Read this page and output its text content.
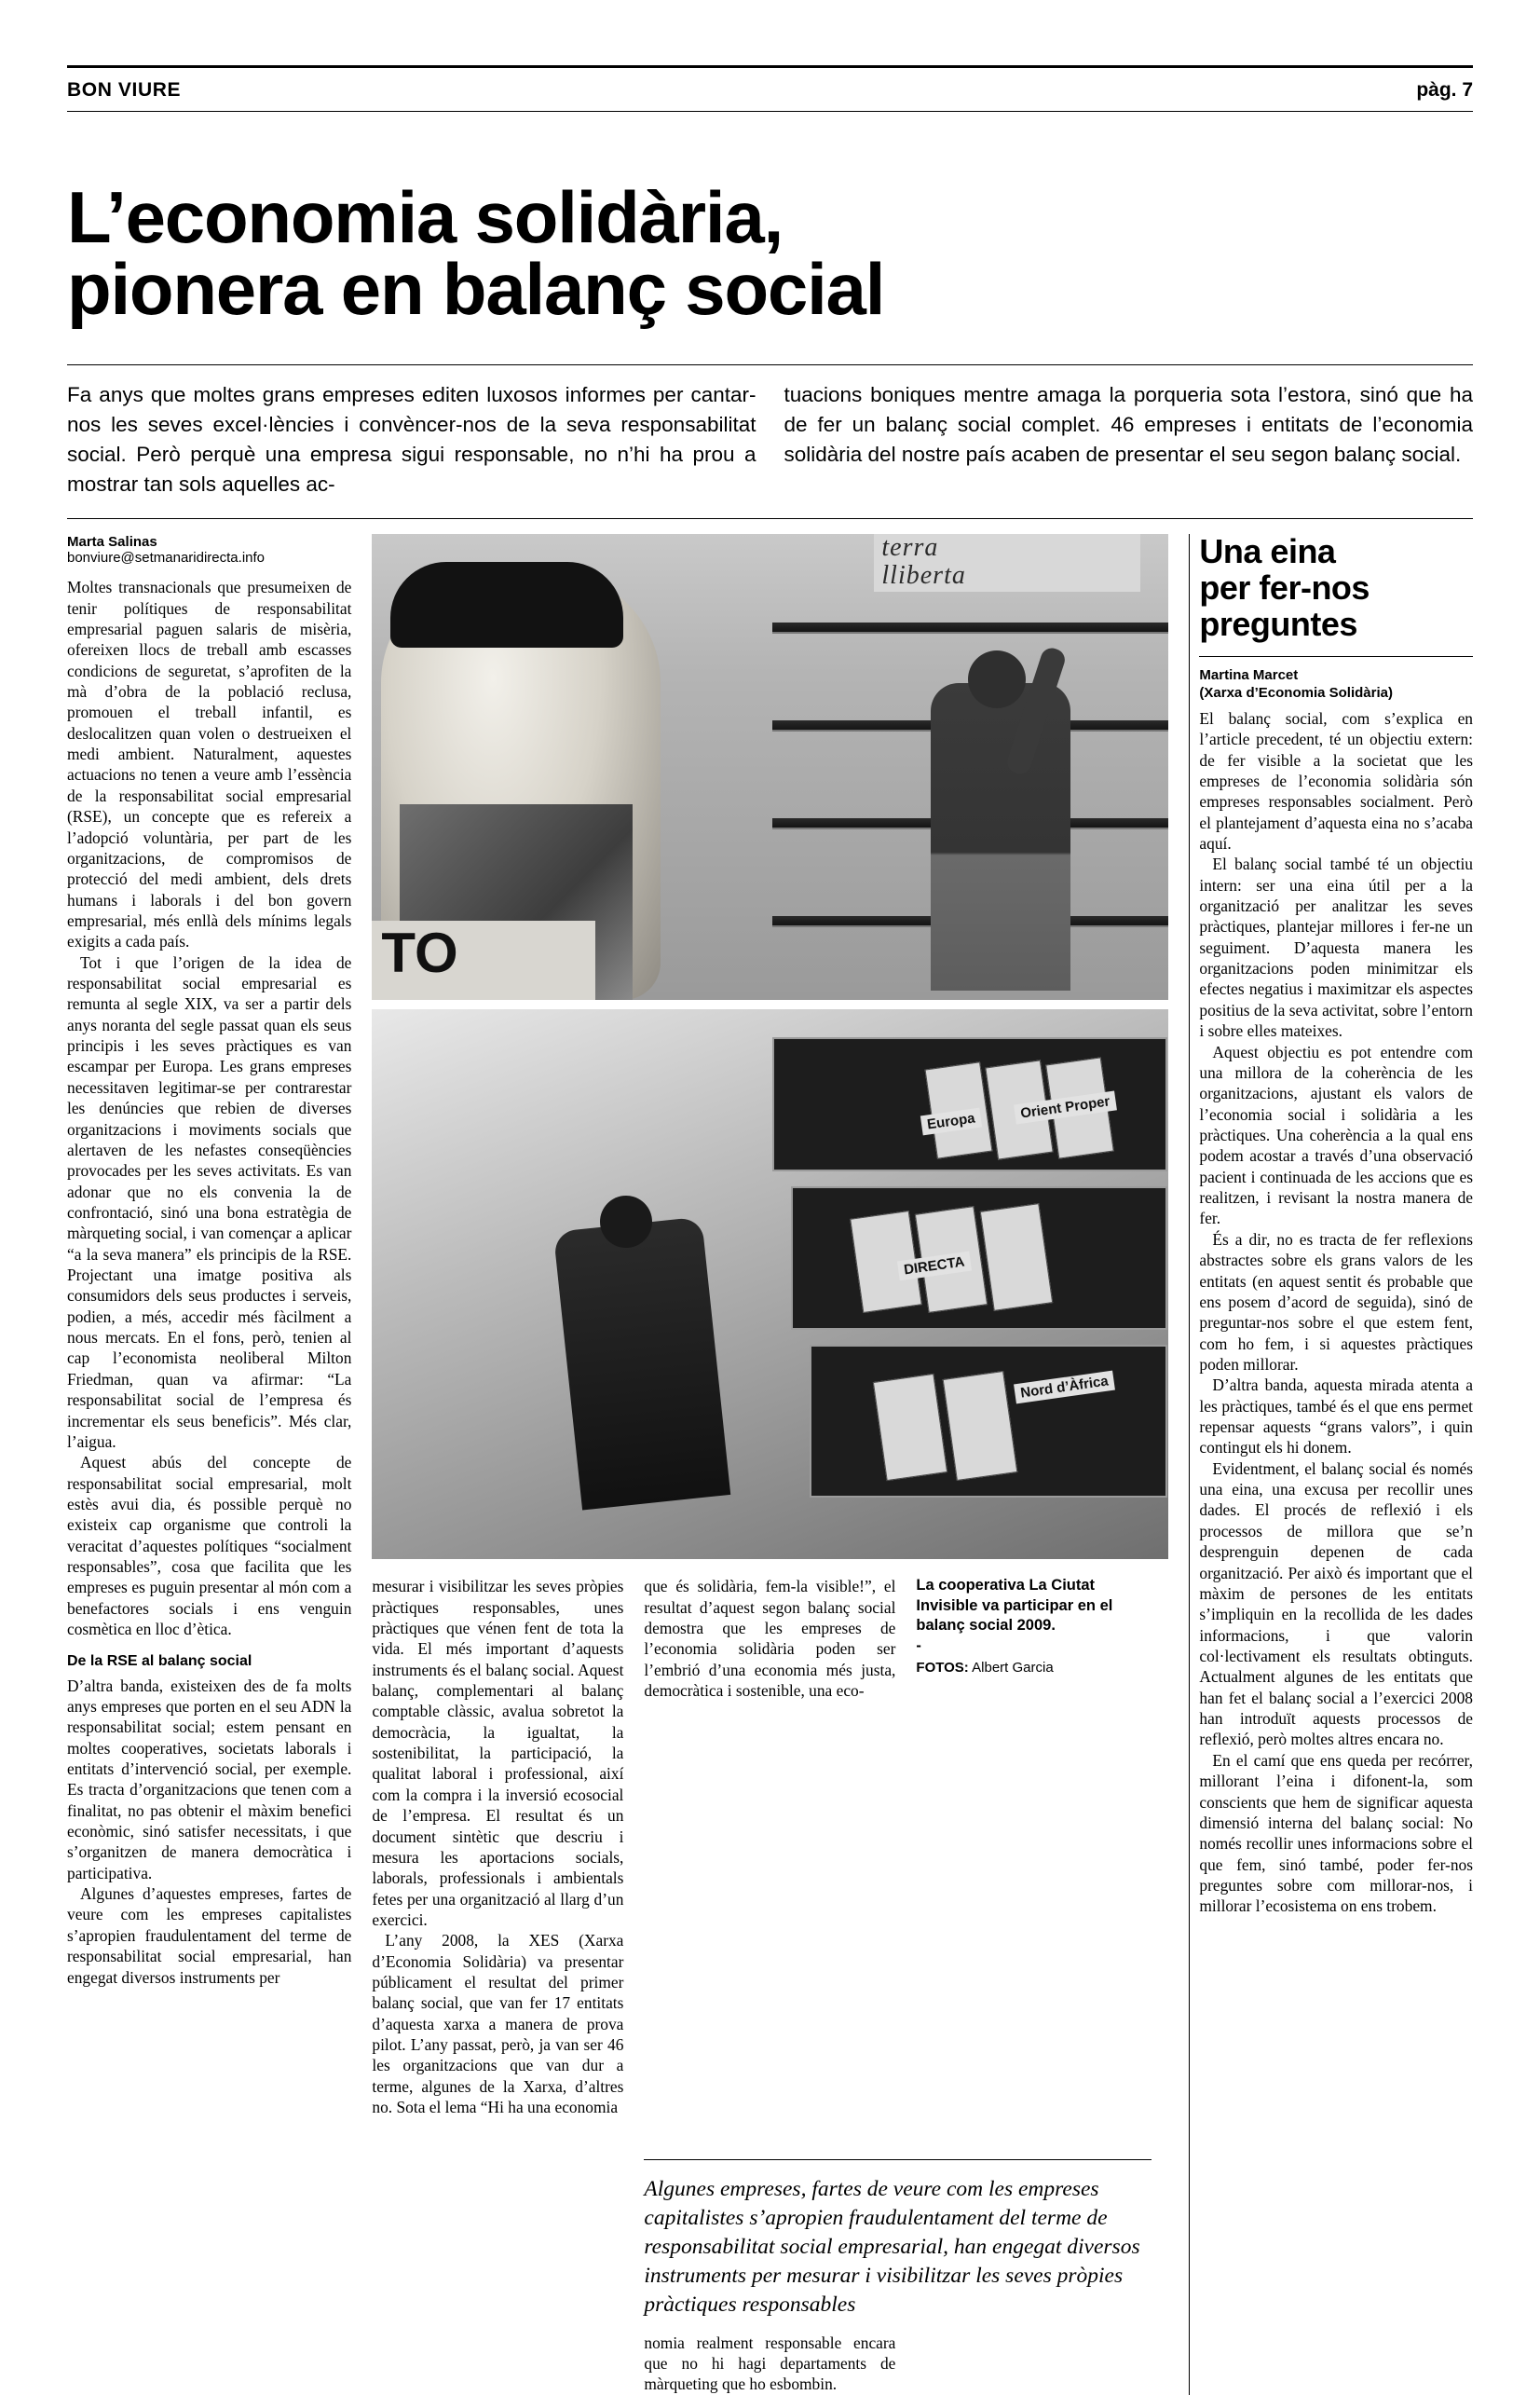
BON VIURE	pàg. 7
L’economia solidària,
pionera en balanç social
Fa anys que moltes grans empreses editen luxosos informes per cantar-nos les seves excel·lències i convèncer-nos de la seva responsabilitat social. Però perquè una empresa sigui responsable, no n’hi ha prou a mostrar tan sols aquelles ac-
tuacions boniques mentre amaga la porqueria sota l’estora, sinó que ha de fer un balanç social complet. 46 empreses i entitats de l’economia solidària del nostre país acaben de presentar el seu segon balanç social.
Marta Salinas
bonviure@setmanaridirecta.info

Moltes transnacionals que presumeixen de tenir polítiques de responsabilitat empresarial paguen salaris de misèria, ofereixen llocs de treball amb escasses condicions de seguretat, s’aprofiten de la mà d’obra de la població reclusa, promouen el treball infantil, es deslocalitzen quan volen o destrueixen el medi ambient. Naturalment, aquestes actuacions no tenen a veure amb l’essència de la responsabilitat social empresarial (RSE), un concepte que es refereix a l’adopció voluntària, per part de les organitzacions, de compromisos de protecció del medi ambient, dels drets humans i laborals i del bon govern empresarial, més enllà dels mínims legals exigits a cada país.

Tot i que l’origen de la idea de responsabilitat social empresarial es remunta al segle XIX, va ser a partir dels anys noranta del segle passat quan els seus principis i les seves pràctiques es van escampar per Europa. Les grans empreses necessitaven legitimar-se per contrarestar les denúncies que rebien de diverses organitzacions i moviments socials que alertaven de les nefastes conseqüències provocades per les seves activitats. Es van adonar que no els convenia la de confrontació, sinó una bona estratègia de màrqueting social, i van començar a aplicar “a la seva manera” els principis de la RSE. Projectant una imatge positiva als consumidors dels seus productes i serveis, podien, a més, accedir més fàcilment a nous mercats. En el fons, però, tenien al cap l’economista neoliberal Milton Friedman, quan va afirmar: “La responsabilitat social de l’empresa és incrementar els seus beneficis”. Més clar, l’aigua.

Aquest abús del concepte de responsabilitat social empresarial, molt estès avui dia, és possible perquè no existeix cap organisme que controli la veracitat d’aquestes polítiques “socialment responsables”, cosa que facilita que les empreses es puguin presentar al món com a benefactores socials i ens venguin cosmètica en lloc d’ètica.

De la RSE al balanç social

D’altra banda, existeixen des de fa molts anys empreses que porten en el seu ADN la responsabilitat social; estem pensant en moltes cooperatives, societats laborals i entitats d’intervenció social, per exemple. Es tracta d’organitzacions que tenen com a finalitat, no pas obtenir el màxim benefici econòmic, sinó satisfer necessitats, i que s’organitzen de manera democràtica i participativa.

Algunes d’aquestes empreses, fartes de veure com les empreses capitalistes s’apropien fraudulentament del terme de responsabilitat social empresarial, han engegat diversos instruments per

terra
lliberta
TO
Orient Proper
Europa
DIRECTA
Nord d’Àfrica

mesurar i visibilitzar les seves pròpies pràctiques responsables, unes pràctiques que vénen fent de tota la vida. El més important d’aquests instruments és el balanç social. Aquest balanç, complementari al balanç comptable clàssic, avalua sobretot la democràcia, la igualtat, la sostenibilitat, la participació, la qualitat laboral i professional, així com la compra i la inversió ecosocial de l’empresa. El resultat és un document sintètic que descriu i mesura les aportacions socials, laborals, professionals i ambientals fetes per una organització al llarg d’un exercici.

L’any 2008, la XES (Xarxa d’Economia Solidària) va presentar públicament el resultat del primer balanç social, que van fer 17 entitats d’aquesta xarxa a manera de prova pilot. L’any passat, però, ja van ser 46 les organitzacions que van dur a terme, algunes de la Xarxa, d’altres no. Sota el lema “Hi ha una economia

que és solidària, fem-la visible!”, el resultat d’aquest segon balanç social demostra que les empreses de l’economia solidària poden ser l’embrió d’una economia més justa, democràtica i sostenible, una eco-

La cooperativa La Ciutat Invisible va participar en el balanç social 2009.
-
FOTOS: Albert Garcia
Algunes empreses, fartes de veure com les empreses capitalistes s’apropien fraudulentament del terme de responsabilitat social empresarial, han engegat diversos instruments per mesurar i visibilitzar les seves pròpies pràctiques responsables

nomia realment responsable encara que no hi hagi departaments de màrqueting que ho esbombin.

Una eina
per fer-nos
preguntes
Martina Marcet
(Xarxa d’Economia Solidària)

El balanç social, com s’explica en l’article precedent, té un objectiu extern: de fer visible a la societat que les empreses de l’economia solidària són empreses responsables socialment. Però el plantejament d’aquesta eina no s’acaba aquí.

El balanç social també té un objectiu intern: ser una eina útil per a la organització per analitzar les seves pràctiques, plantejar millores i fer-ne un seguiment. D’aquesta manera les organitzacions poden minimitzar els efectes negatius i maximitzar els aspectes positius de la seva activitat, sobre l’entorn i sobre elles mateixes.

Aquest objectiu es pot entendre com una millora de la coherència de les organitzacions, ajustant els valors de l’economia social i solidària a les pràctiques. Una coherència a la qual ens podem acostar a través d’una observació pacient i continuada de les accions que es realitzen, i revisant la nostra manera de fer.

És a dir, no es tracta de fer reflexions abstractes sobre els grans valors de les entitats (en aquest sentit és probable que ens posem d’acord de seguida), sinó de preguntar-nos sobre el que estem fent, com ho fem, i si aquestes pràctiques poden millorar.

D’altra banda, aquesta mirada atenta a les pràctiques, també és el que ens permet repensar aquests “grans valors”, i quin contingut els hi donem.

Evidentment, el balanç social és només una eina, una excusa per recollir unes dades. El procés de reflexió i els processos de millora que se’n desprenguin depenen de cada organització. Per això és important que el màxim de persones de les entitats s’impliquin en la recollida de les dades informacions, i que valorin col·lectivament els resultats obtinguts. Actualment algunes de les entitats que han fet el balanç social a l’exercici 2008 han introduït aquests processos de reflexió, però moltes altres encara no.

En el camí que ens queda per recórrer, millorant l’eina i difonent-la, som conscients que hem de significar aquesta dimensió interna del balanç social: No només recollir unes informacions sobre el que fem, sinó també, poder fer-nos preguntes sobre com millorar-nos, i millorar l’ecosistema on ens trobem.
